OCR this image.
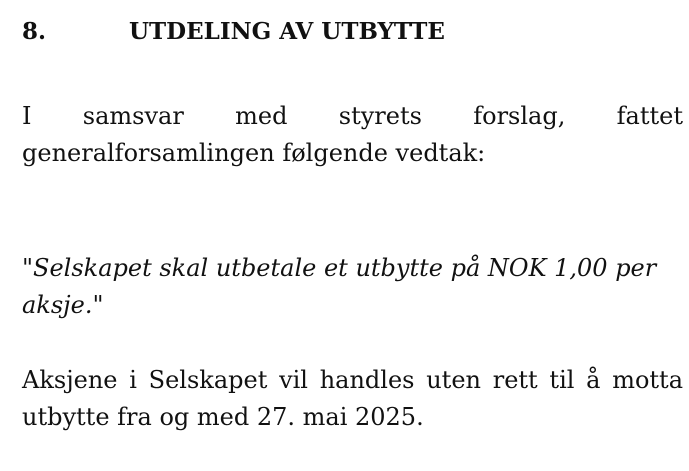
8.	UTDELING AV UTBYTTE

I samsvar med styrets forslag, fattet generalforsamlingen følgende vedtak:

"Selskapet skal utbetale et utbytte på NOK 1,00 per aksje."

Aksjene i Selskapet vil handles uten rett til å motta utbytte fra og med 27. mai 2025.
